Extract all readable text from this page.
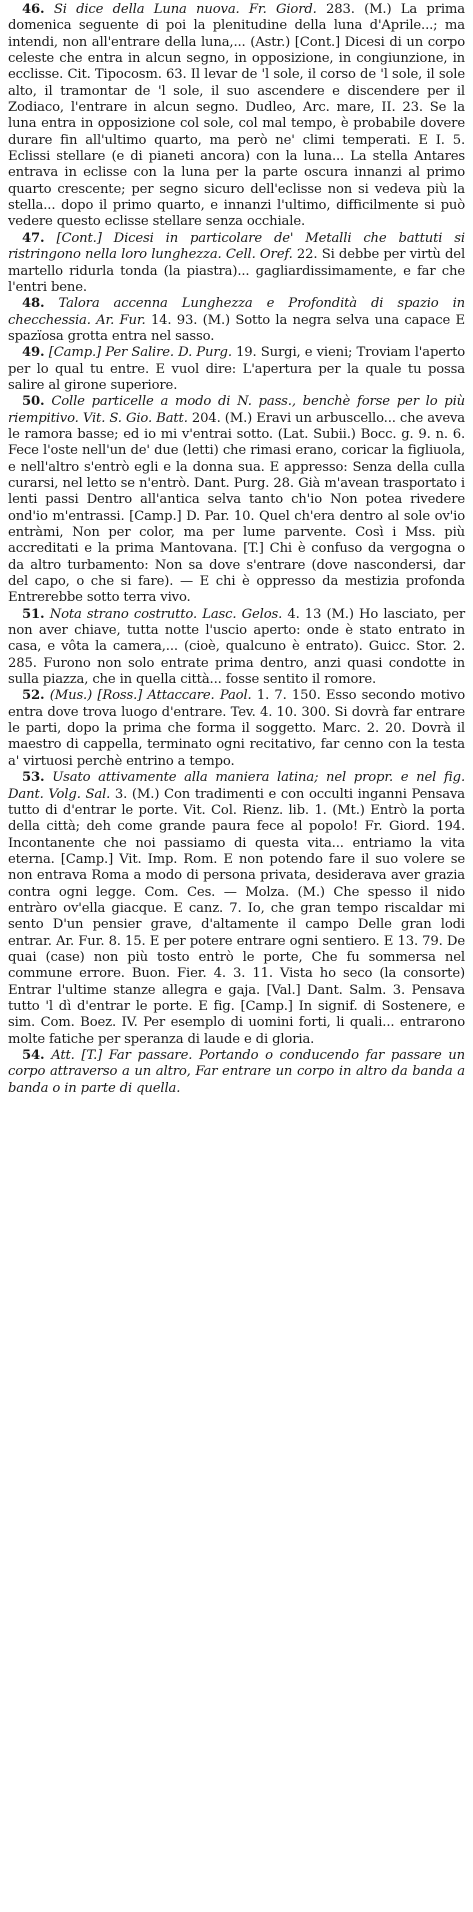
46. Si dice della Luna nuova. Fr. Giord. 283. (M.) La prima domenica seguente di poi la plenitudine della luna d'Aprile...; ma intendi, non all'entrare della luna,... (Astr.) [Cont.] Dicesi di un corpo celeste che entra in alcun segno, in opposizione, in congiunzione, in ecclisse. Cit. Tipocosm. 63. Il levar de 'l sole, il corso de 'l sole, il sole alto, il tramontar de 'l sole, il suo ascendere e discendere per il Zodiaco, l'entrare in alcun segno. Dudleo, Arc. mare, II. 23. Se la luna entra in opposizione col sole, col mal tempo, è probabile dovere durare fin all'ultimo quarto, ma però ne' climi temperati. E I. 5. Eclissi stellare (e di pianeti ancora) con la luna... La stella Antares entrava in eclisse con la luna per la parte oscura innanzi al primo quarto crescente; per segno sicuro dell'eclisse non si vedeva più la stella... dopo il primo quarto, e innanzi l'ultimo, difficilmente si può vedere questo eclisse stellare senza occhiale.

47. [Cont.] Dicesi in particolare de' Metalli che battuti si ristringono nella loro lunghezza. Cell. Oref. 22. Si debbe per virtù del martello ridurla tonda (la piastra)... gagliardissimamente, e far che l'entri bene.

48. Talora accenna Lunghezza e Profondità di spazio in checchessia. Ar. Fur. 14. 93. (M.) Sotto la negra selva una capace E spazïosa grotta entra nel sasso.

49. [Camp.] Per Salire. D. Purg. 19. Surgi, e vieni; Troviam l'aperto per lo qual tu entre. E vuol dire: L'apertura per la quale tu possa salire al girone superiore.

50. Colle particelle a modo di N. pass., benchè forse per lo più riempitivo. Vit. S. Gio. Batt. 204. (M.) Eravi un arbuscello... che aveva le ramora basse; ed io mi v'entrai sotto. (Lat. Subii.) Bocc. g. 9. n. 6. Fece l'oste nell'un de' due (letti) che rimasi erano, coricar la figliuola, e nell'altro s'entrò egli e la donna sua. E appresso: Senza della culla curarsi, nel letto se n'entrò. Dant. Purg. 28. Già m'avean trasportato i lenti passi Dentro all'antica selva tanto ch'io Non potea rivedere ond'io m'entrassi. [Camp.] D. Par. 10. Quel ch'era dentro al sole ov'io entràmi, Non per color, ma per lume parvente. Così i Mss. più accreditati e la prima Mantovana. [T.] Chi è confuso da vergogna o da altro turbamento: Non sa dove s'entrare (dove nascondersi, dar del capo, o che si fare). — E chi è oppresso da mestizia profonda Entrerebbe sotto terra vivo.

51. Nota strano costrutto. Lasc. Gelos. 4. 13 (M.) Ho lasciato, per non aver chiave, tutta notte l'uscio aperto: onde è stato entrato in casa, e vôta la camera,... (cioè, qualcuno è entrato). Guicc. Stor. 2. 285. Furono non solo entrate prima dentro, anzi quasi condotte in sulla piazza, che in quella città... fosse sentito il romore.

52. (Mus.) [Ross.] Attaccare. Paol. 1. 7. 150. Esso secondo motivo entra dove trova luogo d'entrare. Tev. 4. 10. 300. Si dovrà far entrare le parti, dopo la prima che forma il soggetto. Marc. 2. 20. Dovrà il maestro di cappella, terminato ogni recitativo, far cenno con la testa a' virtuosi perchè entrino a tempo.

53. Usato attivamente alla maniera latina; nel propr. e nel fig. Dant. Volg. Sal. 3. (M.) Con tradimenti e con occulti inganni Pensava tutto di d'entrar le porte. Vit. Col. Rienz. lib. 1. (Mt.) Entrò la porta della città; deh come grande paura fece al popolo! Fr. Giord. 194. Incontanente che noi passiamo di questa vita... entriamo la vita eterna. [Camp.] Vit. Imp. Rom. E non potendo fare il suo volere se non entrava Roma a modo di persona privata, desiderava aver grazia contra ogni legge. Com. Ces. — Molza. (M.) Che spesso il nido entràro ov'ella giacque. E canz. 7. Io, che gran tempo riscaldar mi sento D'un pensier grave, d'altamente il campo Delle gran lodi entrar. Ar. Fur. 8. 15. E per potere entrare ogni sentiero. E 13. 79. De quai (case) non più tosto entrò le porte, Che fu sommersa nel commune errore. Buon. Fier. 4. 3. 11. Vista ho seco (la consorte) Entrar l'ultime stanze allegra e gaja. [Val.] Dant. Salm. 3. Pensava tutto 'l dì d'entrar le porte. E fig. [Camp.] In signif. di Sostenere, e sim. Com. Boez. IV. Per esemplo di uomini forti, li quali... entrarono molte fatiche per speranza di laude e di gloria.

54. Att. [T.] Far passare. Portando o conducendo far passare un corpo attraverso a un altro, Far entrare un corpo in altro da banda a banda o in parte di quella.
